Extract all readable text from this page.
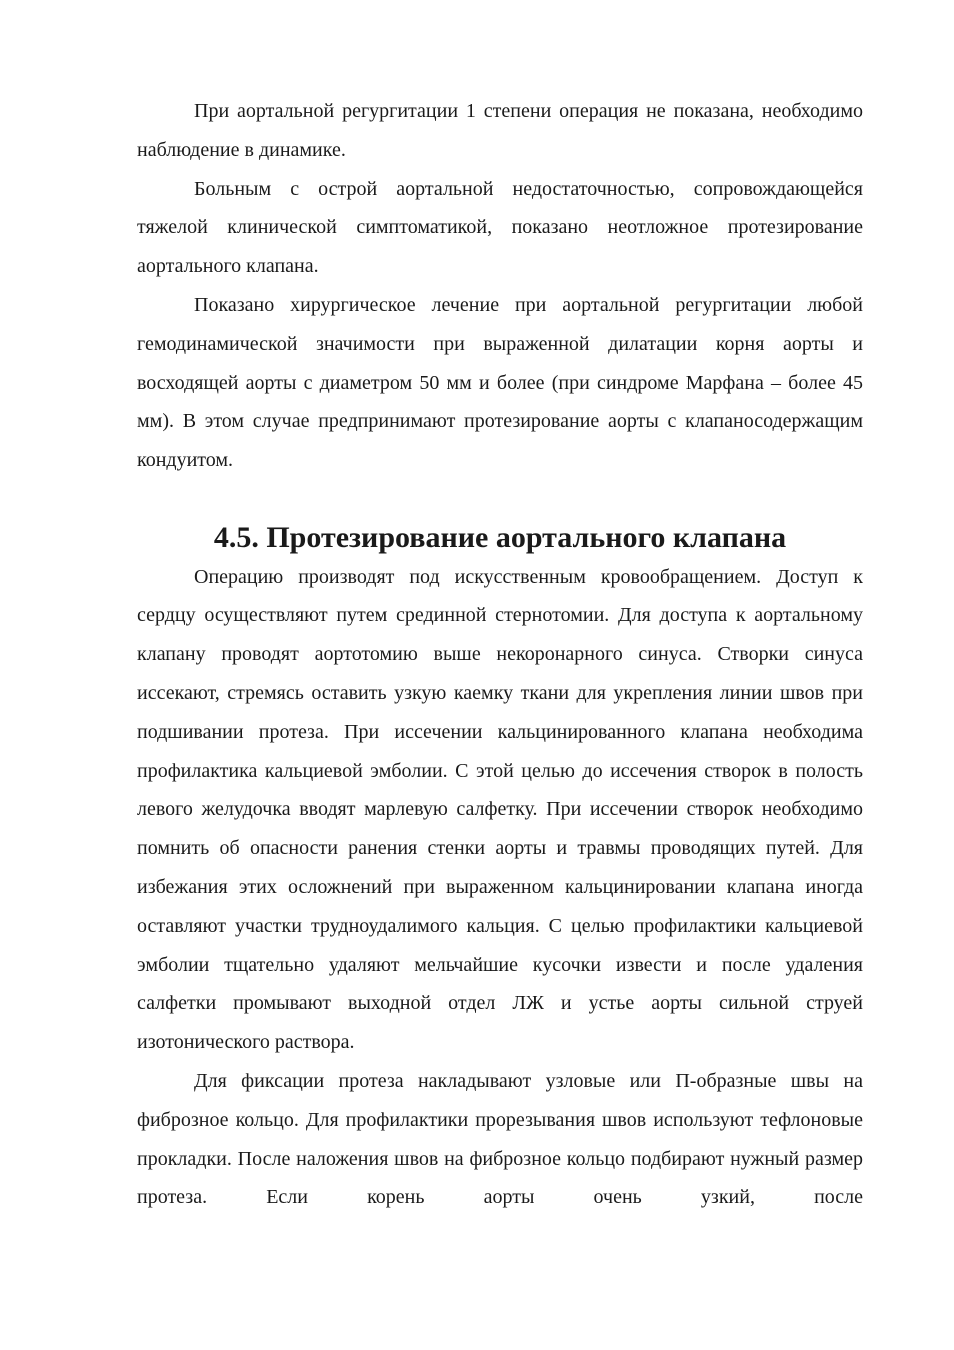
При аортальной регургитации 1 степени операция не показана, необходимо наблюдение в динамике.

Больным с острой аортальной недостаточностью, сопровождающейся тяжелой клинической симптоматикой, показано неотложное протезирование аортального клапана.

Показано хирургическое лечение при аортальной регургитации любой гемодинамической значимости при выраженной дилатации корня аорты и восходящей аорты с диаметром 50 мм и более (при синдроме Марфана – более 45 мм). В этом случае предпринимают протезирование аорты с клапаносодержащим кондуитом.

4.5. Протезирование аортального клапана

Операцию производят под искусственным кровообращением. Доступ к сердцу осуществляют путем срединной стернотомии. Для доступа к аортальному клапану проводят аортотомию выше некоронарного синуса. Створки синуса иссекают, стремясь оставить узкую каемку ткани для укрепления линии швов при подшивании протеза. При иссечении кальцинированного клапана необходима профилактика кальциевой эмболии. С этой целью до иссечения створок в полость левого желудочка вводят марлевую салфетку. При иссечении створок необходимо помнить об опасности ранения стенки аорты и травмы проводящих путей. Для избежания этих осложнений при выраженном кальцинировании клапана иногда оставляют участки трудноудалимого кальция. С целью профилактики кальциевой эмболии тщательно удаляют мельчайшие кусочки извести и после удаления салфетки промывают выходной отдел ЛЖ и устье аорты сильной струей изотонического раствора.

Для фиксации протеза накладывают узловые или П-образные швы на фиброзное кольцо. Для профилактики прорезывания швов используют тефлоновые прокладки. После наложения швов на фиброзное кольцо подбирают нужный размер протеза. Если корень аорты очень узкий, после
